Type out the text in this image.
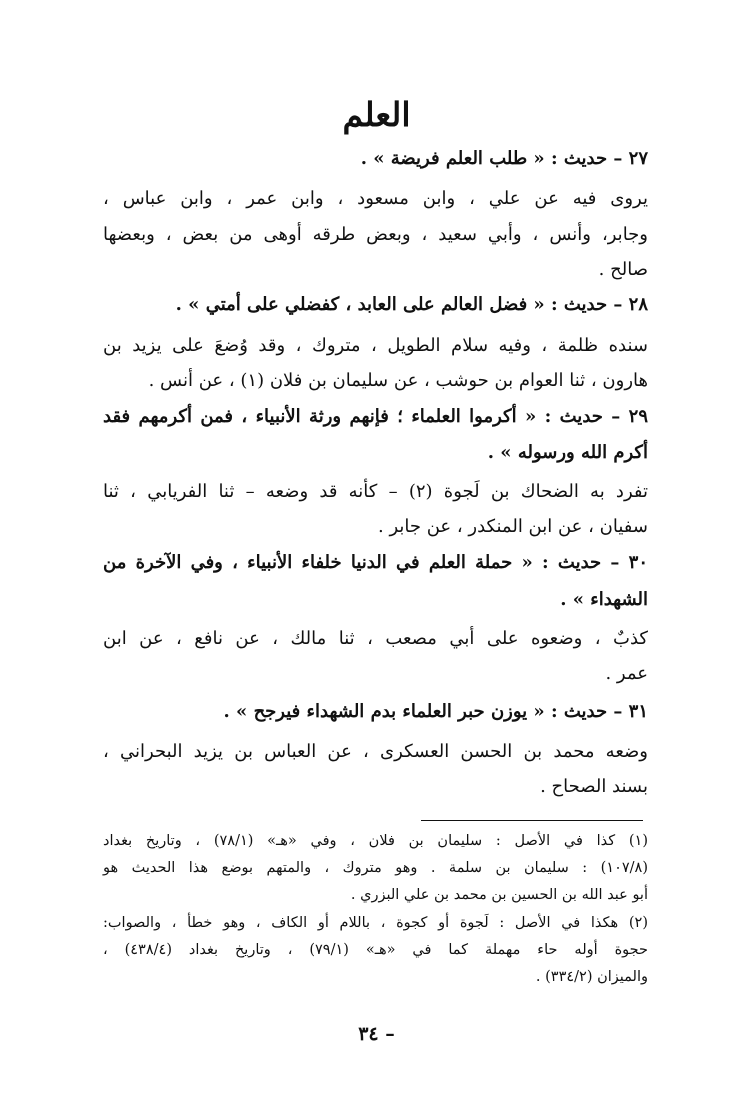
العلم
٢٧ – حديث : « طلب العلم فريضة » .
يروى فيه عن علي ، وابن مسعود ، وابن عمر ، وابن عباس ،
وجابر، وأنس ، وأبي سعيد ، وبعض طرقه أوهى من بعض ، وبعضها
صالح .
٢٨ – حديث : « فضل العالم على العابد ، كفضلي على أمتي » .
سنده ظلمة ، وفيه سلام الطويل ، متروك ، وقد وُضعَ على يزيد بن
هارون ، ثنا العوام بن حوشب ، عن سليمان بن فلان (١) ، عن أنس .
٢٩ – حديث : « أكرموا العلماء ؛ فإنهم ورثة الأنبياء ، فمن أكرمهم فقد
أكرم الله ورسوله » .
تفرد به الضحاك بن لَجوة (٢) – كأنه قد وضعه – ثنا الفريابي ، ثنا
سفيان ، عن ابن المنكدر ، عن جابر .
٣٠ – حديث : « حملة العلم في الدنيا خلفاء الأنبياء ، وفي الآخرة من
الشهداء » .
كذبٌ ، وضعوه على أبي مصعب ، ثنا مالك ، عن نافع ، عن ابن
عمر .
٣١ – حديث : « يوزن حبر العلماء بدم الشهداء فيرجح » .
وضعه محمد بن الحسن العسكرى ، عن العباس بن يزيد البحراني ،
بسند الصحاح .
(١) كذا في الأصل : سليمان بن فلان ، وفي «هـ» (٧٨/١) ، وتاريخ بغداد
(١٠٧/٨) : سليمان بن سلمة . وهو متروك ، والمتهم بوضع هذا الحديث هو
أبو عبد الله بن الحسين بن محمد بن علي البزري .
(٢) هكذا في الأصل : لَجوة أو كجوة ، باللام أو الكاف ، وهو خطأ ، والصواب:
حجوة أوله حاء مهملة كما في «هـ» (٧٩/١) ، وتاريخ بغداد (٤٣٨/٤) ،
والميزان (٣٣٤/٢) .
– ٣٤
